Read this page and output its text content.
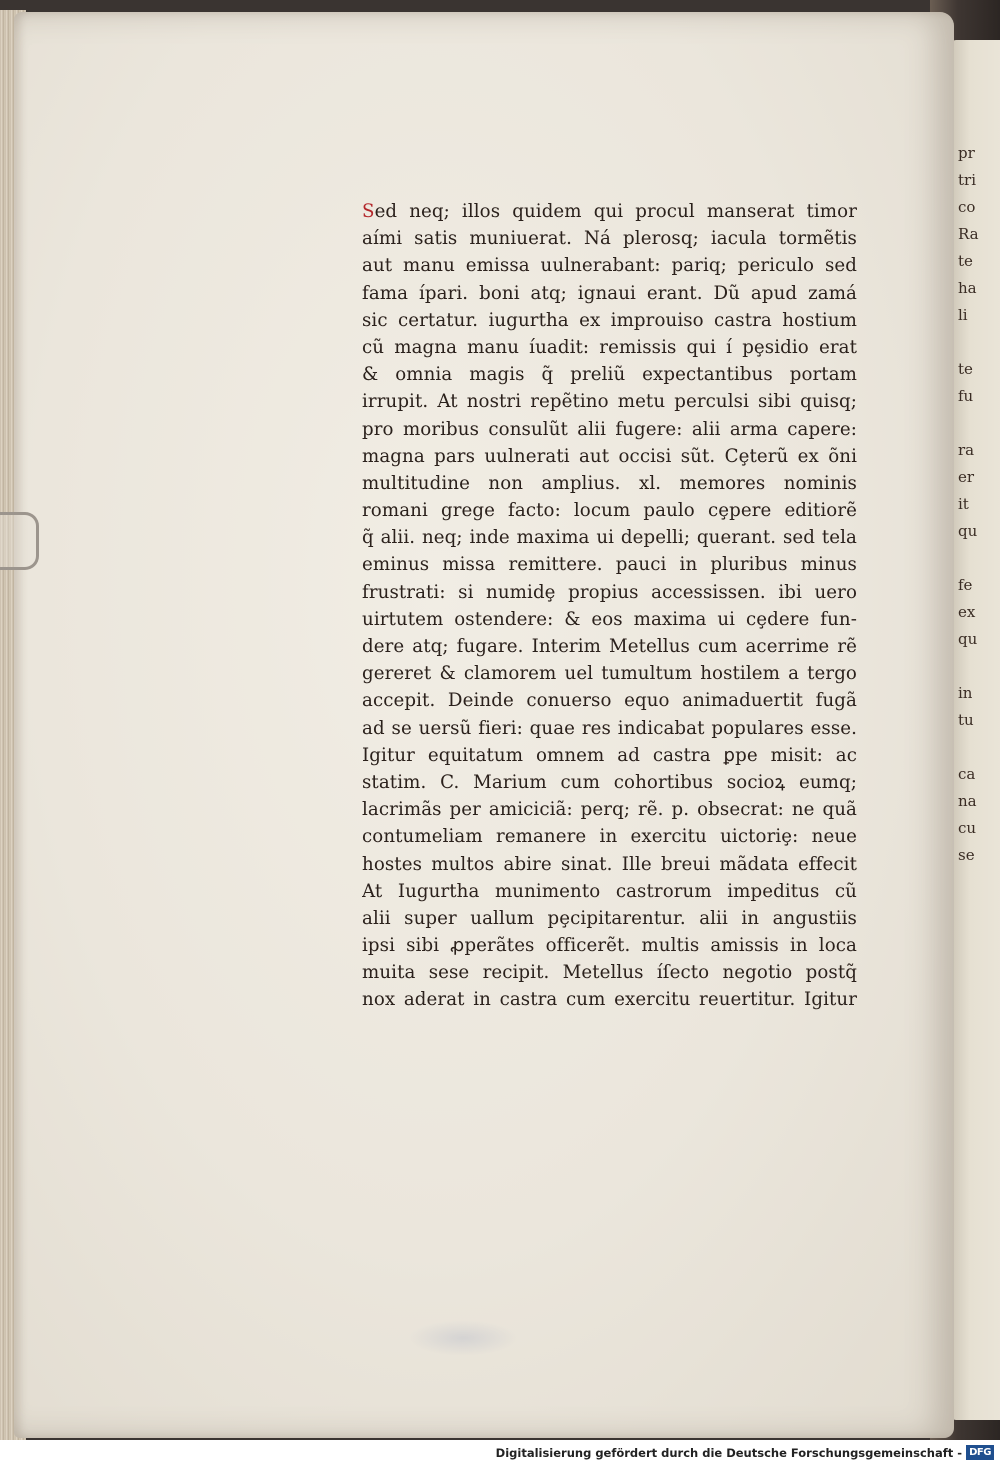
pr
tri
co
Ra
te
ha
li
te
fu
ra
er
it
qu
fe
ex
qu
in
tu
ca
na
cu
se
Sed neq; illos quidem qui procul manserat timor
aími satis muniuerat. Ná plerosq; iacula tormẽtis
aut manu emissa uulnerabant: pariq; periculo sed
fama ípari. boni atq; ignaui erant. Dũ apud zamá
sic certatur. iugurtha ex improuiso castra hostium
cũ magna manu íuadit: remissis qui í pȩsidio erat
& omnia magis q̃ preliũ expectantibus portam
irrupit. At nostri repẽtino metu perculsi sibi quisq;
pro moribus consulũt alii fugere: alii arma capere:
magna pars uulnerati aut occisi sũt. Cȩterũ ex õni
multitudine non amplius. xl. memores nominis
romani grege facto: locum paulo cȩpere editiorẽ
q̃ alii. neq; inde maxima ui depelli; querant. sed tela
eminus missa remittere. pauci in pluribus minus
frustrati: si numidȩ propius accessissen. ibi uero
uirtutem ostendere: & eos maxima ui cȩdere fun-
dere atq; fugare. Interim Metellus cum acerrime rẽ
gereret & clamorem uel tumultum hostilem a tergo
accepit. Deinde conuerso equo animaduertit fugã
ad se uersũ fieri: quae res indicabat populares esse.
Igitur equitatum omnem ad castra ꝑpe misit: ac
statim. C. Marium cum cohortibus socioꝝ eumq;
lacrimãs per amiciciã: perq; rẽ. p. obsecrat: ne quã
contumeliam remanere in exercitu uictoriȩ: neue
hostes multos abire sinat. Ille breui mãdata effecit
At Iugurtha munimento castrorum impeditus cũ
alii super uallum pȩcipitarentur. alii in angustiis
ipsi sibi ꝓperãtes officerẽt. multis amissis in loca
muita sese recipit. Metellus íſecto negotio postq̃
nox aderat in castra cum exercitu reuertitur. Igitur
Digitalisierung gefördert durch die Deutsche Forschungsgemeinschaft - DFG
